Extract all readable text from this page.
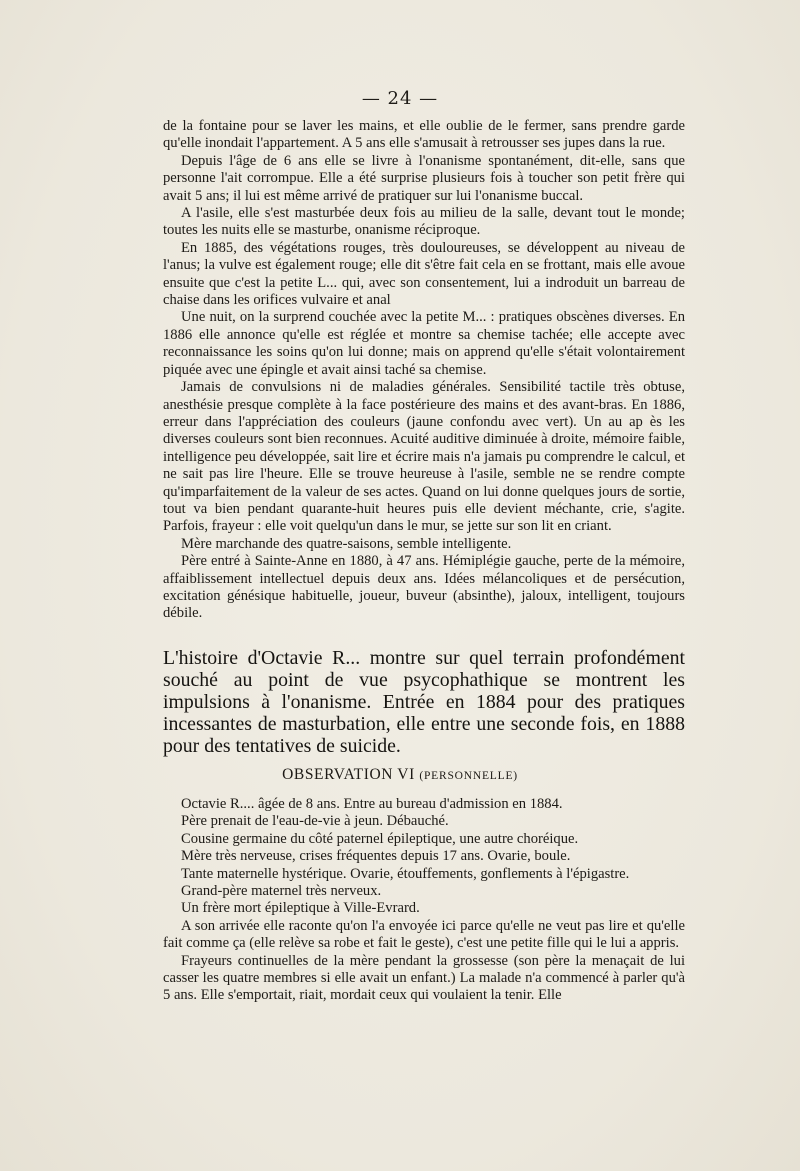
— 24 —

de la fontaine pour se laver les mains, et elle oublie de le fermer, sans prendre garde qu'elle inondait l'appartement. A 5 ans elle s'amusait à retrousser ses jupes dans la rue.

Depuis l'âge de 6 ans elle se livre à l'onanisme spontanément, dit-elle, sans que personne l'ait corrompue. Elle a été surprise plusieurs fois à toucher son petit frère qui avait 5 ans; il lui est même arrivé de pratiquer sur lui l'onanisme buccal.

A l'asile, elle s'est masturbée deux fois au milieu de la salle, devant tout le monde; toutes les nuits elle se masturbe, onanisme réciproque.

En 1885, des végétations rouges, très douloureuses, se développent au niveau de l'anus; la vulve est également rouge; elle dit s'être fait cela en se frottant, mais elle avoue ensuite que c'est la petite L... qui, avec son consentement, lui a indroduit un barreau de chaise dans les orifices vulvaire et anal

Une nuit, on la surprend couchée avec la petite M... : pratiques obscènes diverses. En 1886 elle annonce qu'elle est réglée et montre sa chemise tachée; elle accepte avec reconnaissance les soins qu'on lui donne; mais on apprend qu'elle s'était volontairement piquée avec une épingle et avait ainsi taché sa chemise.

Jamais de convulsions ni de maladies générales. Sensibilité tactile très obtuse, anesthésie presque complète à la face postérieure des mains et des avant-bras. En 1886, erreur dans l'appréciation des couleurs (jaune confondu avec vert). Un au ap ès les diverses couleurs sont bien reconnues. Acuité auditive diminuée à droite, mémoire faible, intelligence peu développée, sait lire et écrire mais n'a jamais pu comprendre le calcul, et ne sait pas lire l'heure. Elle se trouve heureuse à l'asile, semble ne se rendre compte qu'imparfaitement de la valeur de ses actes. Quand on lui donne quelques jours de sortie, tout va bien pendant quarante-huit heures puis elle devient méchante, crie, s'agite. Parfois, frayeur : elle voit quelqu'un dans le mur, se jette sur son lit en criant.

Mère marchande des quatre-saisons, semble intelligente.

Père entré à Sainte-Anne en 1880, à 47 ans. Hémiplégie gauche, perte de la mémoire, affaiblissement intellectuel depuis deux ans. Idées mélancoliques et de persécution, excitation génésique habituelle, joueur, buveur (absinthe), jaloux, intelligent, toujours débile.

L'histoire d'Octavie R... montre sur quel terrain profondément souché au point de vue psycophathique se montrent les impulsions à l'onanisme. Entrée en 1884 pour des pratiques incessantes de masturbation, elle entre une seconde fois, en 1888 pour des tentatives de suicide.

OBSERVATION VI (PERSONNELLE)

Octavie R.... âgée de 8 ans. Entre au bureau d'admission en 1884.

Père prenait de l'eau-de-vie à jeun. Débauché.

Cousine germaine du côté paternel épileptique, une autre choréique.

Mère très nerveuse, crises fréquentes depuis 17 ans. Ovarie, boule.

Tante maternelle hystérique. Ovarie, étouffements, gonflements à l'épigastre.

Grand-père maternel très nerveux.

Un frère mort épileptique à Ville-Evrard.

A son arrivée elle raconte qu'on l'a envoyée ici parce qu'elle ne veut pas lire et qu'elle fait comme ça (elle relève sa robe et fait le geste), c'est une petite fille qui le lui a appris.

Frayeurs continuelles de la mère pendant la grossesse (son père la menaçait de lui casser les quatre membres si elle avait un enfant.) La malade n'a commencé à parler qu'à 5 ans. Elle s'emportait, riait, mordait ceux qui voulaient la tenir. Elle
